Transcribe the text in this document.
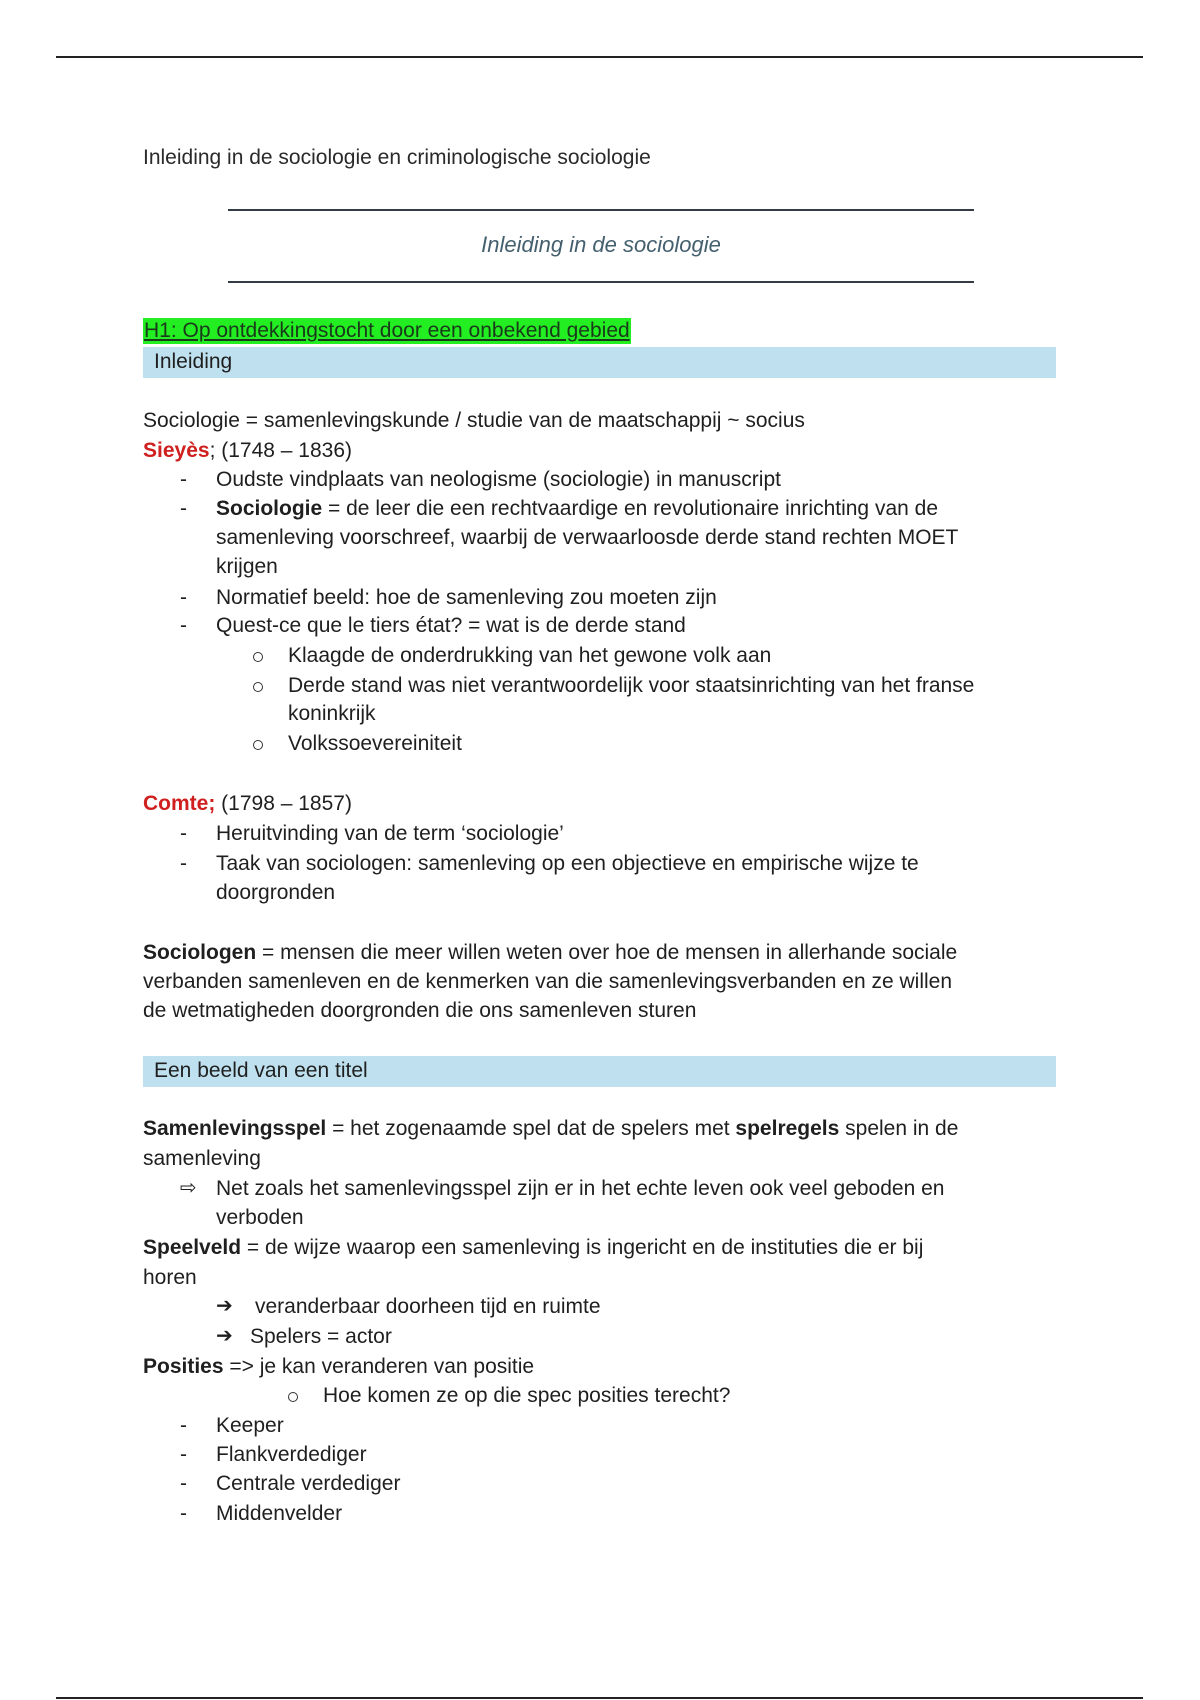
Inleiding in de sociologie en criminologische sociologie
Inleiding in de sociologie
H1: Op ontdekkingstocht door een onbekend gebied
Inleiding
Sociologie = samenlevingskunde / studie van de maatschappij ~ socius
Sieyès; (1748 – 1836)
- Oudste vindplaats van neologisme (sociologie) in manuscript
- Sociologie = de leer die een rechtvaardige en revolutionaire inrichting van de
samenleving voorschreef, waarbij de verwaarloosde derde stand rechten MOET
krijgen
- Normatief beeld: hoe de samenleving zou moeten zijn
- Quest-ce que le tiers état? = wat is de derde stand
Klaagde de onderdrukking van het gewone volk aan
Derde stand was niet verantwoordelijk voor staatsinrichting van het franse
koninkrijk
Volkssoevereiniteit
Comte; (1798 – 1857)
- Heruitvinding van de term ‘sociologie’
- Taak van sociologen: samenleving op een objectieve en empirische wijze te
doorgronden
Sociologen = mensen die meer willen weten over hoe de mensen in allerhande sociale
verbanden samenleven en de kenmerken van die samenlevingsverbanden en ze willen
de wetmatigheden doorgronden die ons samenleven sturen
Een beeld van een titel
Samenlevingsspel = het zogenaamde spel dat de spelers met spelregels spelen in de
samenleving
⇨ Net zoals het samenlevingsspel zijn er in het echte leven ook veel geboden en
verboden
Speelveld = de wijze waarop een samenleving is ingericht en de instituties die er bij
horen
➔ veranderbaar doorheen tijd en ruimte
➔ Spelers = actor
Posities => je kan veranderen van positie
Hoe komen ze op die spec posities terecht?
- Keeper
- Flankverdediger
- Centrale verdediger
- Middenvelder
